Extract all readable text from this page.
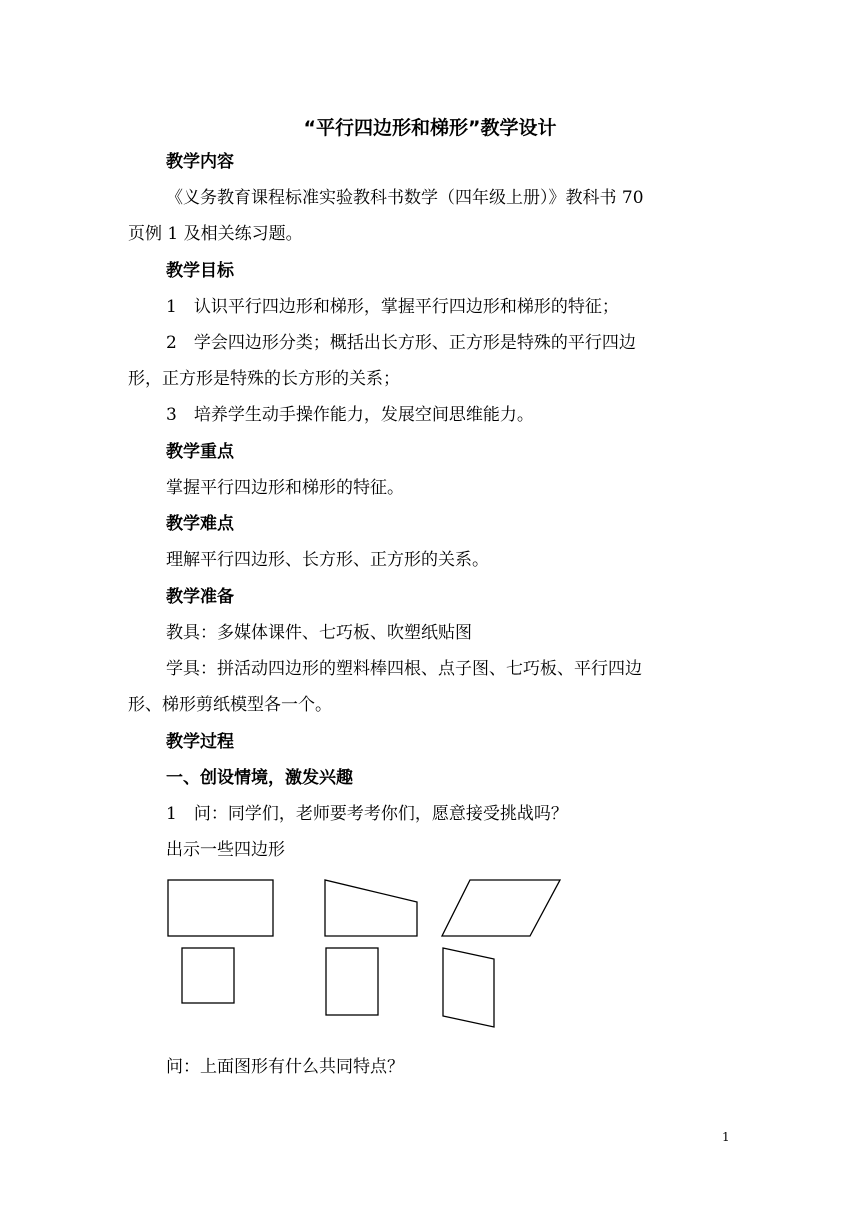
“平行四边形和梯形”教学设计
教学内容
《义务教育课程标准实验教科书数学（四年级上册）》教科书 70
页例 1 及相关练习题。
教学目标
1　认识平行四边形和梯形，掌握平行四边形和梯形的特征；
2　学会四边形分类；概括出长方形、正方形是特殊的平行四边
形，正方形是特殊的长方形的关系；
3　培养学生动手操作能力，发展空间思维能力。
教学重点
掌握平行四边形和梯形的特征。
教学难点
理解平行四边形、长方形、正方形的关系。
教学准备
教具：多媒体课件、七巧板、吹塑纸贴图
学具：拼活动四边形的塑料棒四根、点子图、七巧板、平行四边
形、梯形剪纸模型各一个。
教学过程
一、创设情境，激发兴趣
1　问：同学们，老师要考考你们，愿意接受挑战吗？
出示一些四边形
问：上面图形有什么共同特点？
1
